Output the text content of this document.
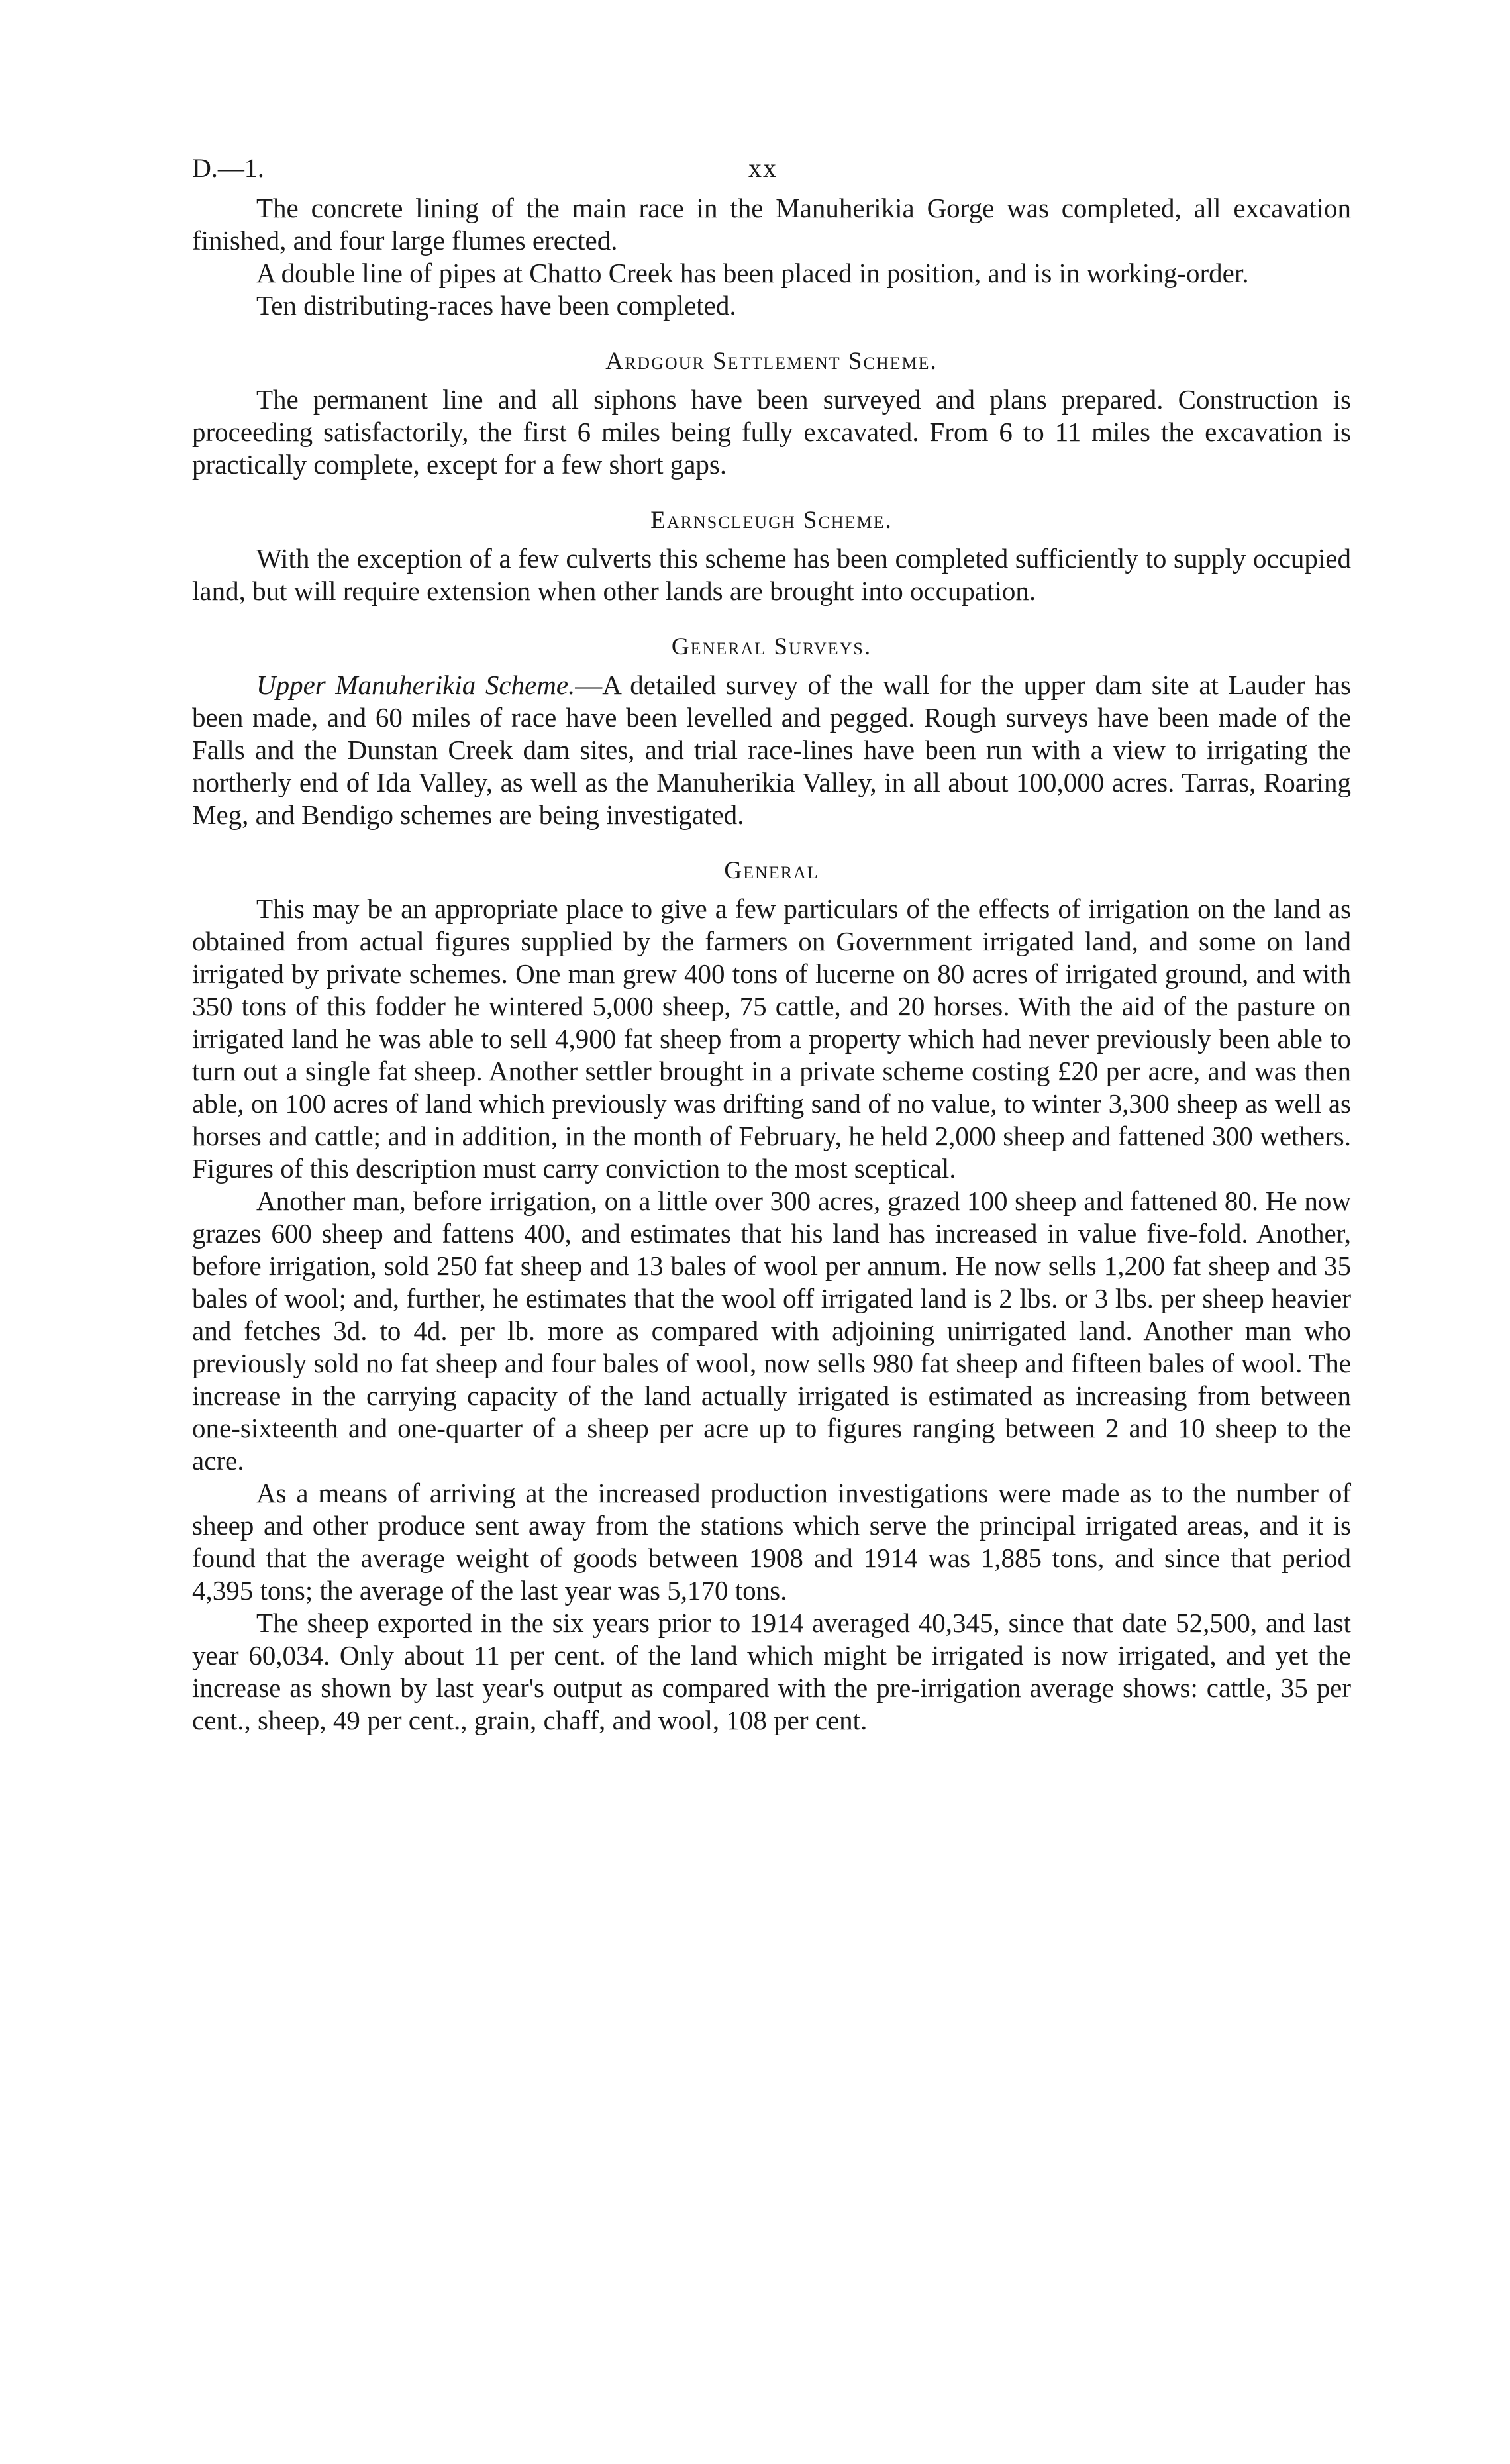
D.—1.	xx

The concrete lining of the main race in the Manuherikia Gorge was completed, all excavation finished, and four large flumes erected.

A double line of pipes at Chatto Creek has been placed in position, and is in working-order.

Ten distributing-races have been completed.

Ardgour Settlement Scheme.

The permanent line and all siphons have been surveyed and plans prepared. Construction is proceeding satisfactorily, the first 6 miles being fully excavated. From 6 to 11 miles the excavation is practically complete, except for a few short gaps.

Earnscleugh Scheme.

With the exception of a few culverts this scheme has been completed sufficiently to supply occupied land, but will require extension when other lands are brought into occupation.

General Surveys.

Upper Manuherikia Scheme.—A detailed survey of the wall for the upper dam site at Lauder has been made, and 60 miles of race have been levelled and pegged. Rough surveys have been made of the Falls and the Dunstan Creek dam sites, and trial race-lines have been run with a view to irrigating the northerly end of Ida Valley, as well as the Manuherikia Valley, in all about 100,000 acres. Tarras, Roaring Meg, and Bendigo schemes are being investigated.

General

This may be an appropriate place to give a few particulars of the effects of irrigation on the land as obtained from actual figures supplied by the farmers on Government irrigated land, and some on land irrigated by private schemes. One man grew 400 tons of lucerne on 80 acres of irrigated ground, and with 350 tons of this fodder he wintered 5,000 sheep, 75 cattle, and 20 horses. With the aid of the pasture on irrigated land he was able to sell 4,900 fat sheep from a property which had never previously been able to turn out a single fat sheep. Another settler brought in a private scheme costing £20 per acre, and was then able, on 100 acres of land which previously was drifting sand of no value, to winter 3,300 sheep as well as horses and cattle; and in addition, in the month of February, he held 2,000 sheep and fattened 300 wethers. Figures of this description must carry conviction to the most sceptical.

Another man, before irrigation, on a little over 300 acres, grazed 100 sheep and fattened 80. He now grazes 600 sheep and fattens 400, and estimates that his land has increased in value five-fold. Another, before irrigation, sold 250 fat sheep and 13 bales of wool per annum. He now sells 1,200 fat sheep and 35 bales of wool; and, further, he estimates that the wool off irrigated land is 2 lbs. or 3 lbs. per sheep heavier and fetches 3d. to 4d. per lb. more as compared with adjoining unirrigated land. Another man who previously sold no fat sheep and four bales of wool, now sells 980 fat sheep and fifteen bales of wool. The increase in the carrying capacity of the land actually irrigated is estimated as increasing from between one-sixteenth and one-quarter of a sheep per acre up to figures ranging between 2 and 10 sheep to the acre.

As a means of arriving at the increased production investigations were made as to the number of sheep and other produce sent away from the stations which serve the principal irrigated areas, and it is found that the average weight of goods between 1908 and 1914 was 1,885 tons, and since that period 4,395 tons; the average of the last year was 5,170 tons.

The sheep exported in the six years prior to 1914 averaged 40,345, since that date 52,500, and last year 60,034. Only about 11 per cent. of the land which might be irrigated is now irrigated, and yet the increase as shown by last year's output as compared with the pre-irrigation average shows: cattle, 35 per cent., sheep, 49 per cent., grain, chaff, and wool, 108 per cent.
